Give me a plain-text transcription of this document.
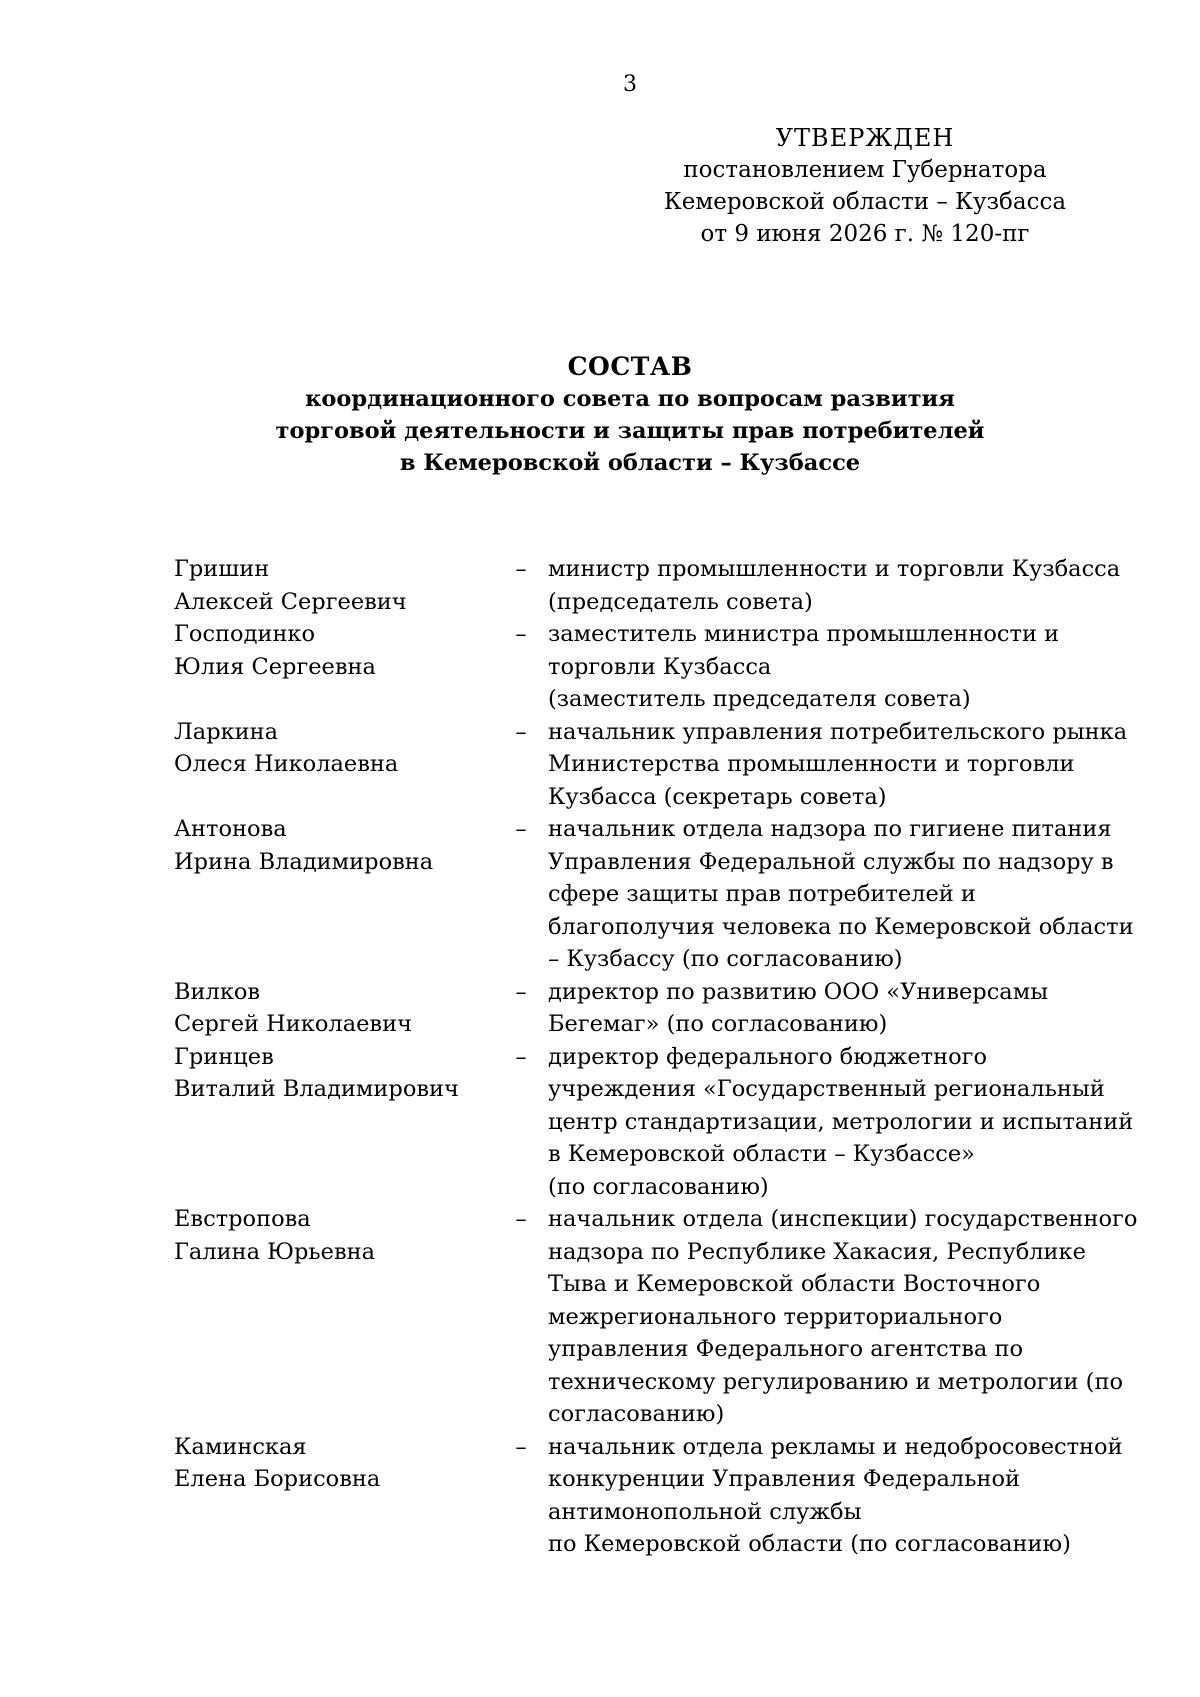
3
УТВЕРЖДЕН
постановлением Губернатора
Кемеровской области – Кузбасса
от 9 июня 2026 г. № 120-пг
СОСТАВ
координационного совета по вопросам развития
торговой деятельности и защиты прав потребителей
в Кемеровской области – Кузбассе
Гришин
Алексей Сергеевич
– министр промышленности и торговли Кузбасса
(председатель совета)
Господинко
Юлия Сергеевна
– заместитель министра промышленности и
торговли Кузбасса
(заместитель председателя совета)
Ларкина
Олеся Николаевна
– начальник управления потребительского рынка
Министерства промышленности и торговли
Кузбасса (секретарь совета)
Антонова
Ирина Владимировна
– начальник отдела надзора по гигиене питания
Управления Федеральной службы по надзору в
сфере защиты прав потребителей и
благополучия человека по Кемеровской области
– Кузбассу (по согласованию)
Вилков
Сергей Николаевич
– директор по развитию ООО «Универсамы
Бегемаг» (по согласованию)
Гринцев
Виталий Владимирович
– директор федерального бюджетного
учреждения «Государственный региональный
центр стандартизации, метрологии и испытаний
в Кемеровской области – Кузбассе»
(по согласованию)
Евстропова
Галина Юрьевна
– начальник отдела (инспекции) государственного
надзора по Республике Хакасия, Республике
Тыва и Кемеровской области Восточного
межрегионального территориального
управления Федерального агентства по
техническому регулированию и метрологии (по
согласованию)
Каминская
Елена Борисовна
– начальник отдела рекламы и недобросовестной
конкуренции Управления Федеральной
антимонопольной службы
по Кемеровской области (по согласованию)
